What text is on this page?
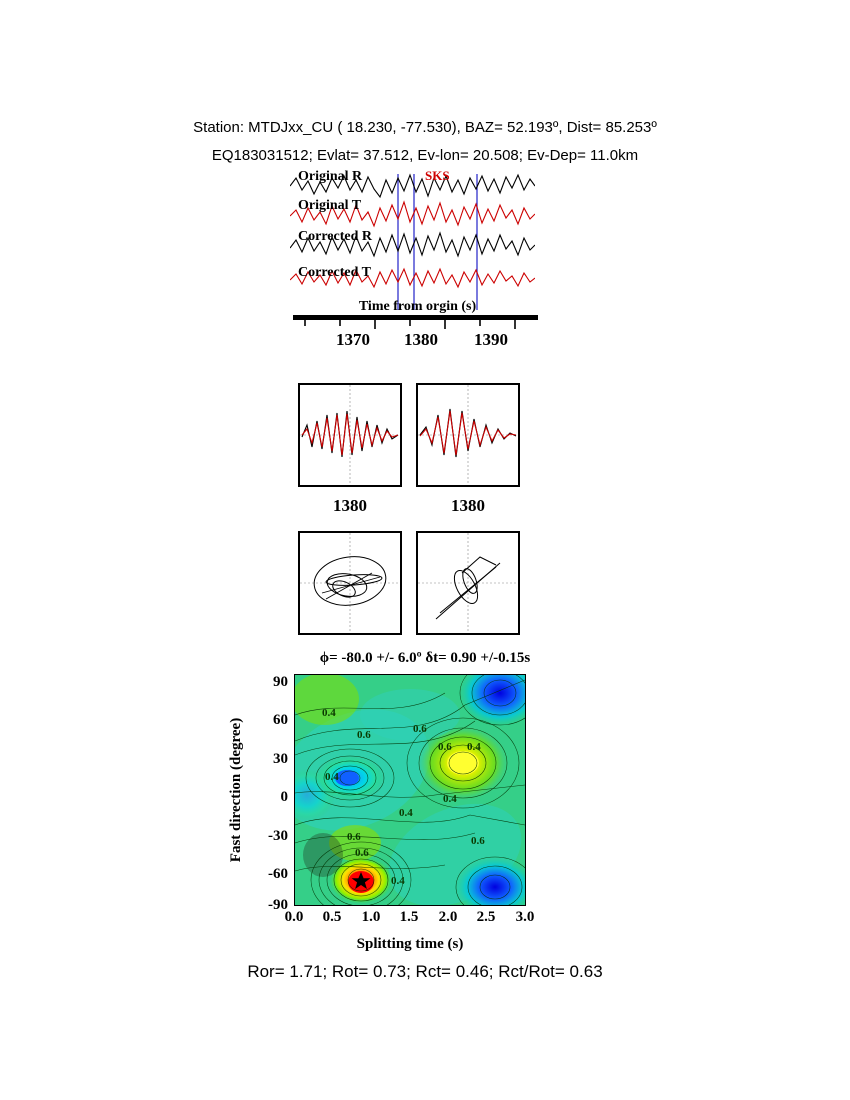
Station: MTDJxx_CU ( 18.230, -77.530), BAZ= 52.193º, Dist= 85.253º
EQ183031512; Evlat= 37.512, Ev-lon= 20.508; Ev-Dep= 11.0km
Original R
Original T
Corrected R
Corrected T
SKS
Time from orgin (s)
1370 1380 1390
1380	1380
ϕ= -80.0 +/- 6.0º δt= 0.90 +/-0.15s
Fast direction (degree)
90
60
30
0
-30
-60
-90
0.4
0.6	0.6
0.6 0.4
0.4
0.4
0.4
0.6	0.6
0.6
0.4
0.0	0.5	1.0	1.5	2.0	2.5	3.0
Splitting time (s)
Ror= 1.71; Rot= 0.73; Rct= 0.46; Rct/Rot= 0.63
